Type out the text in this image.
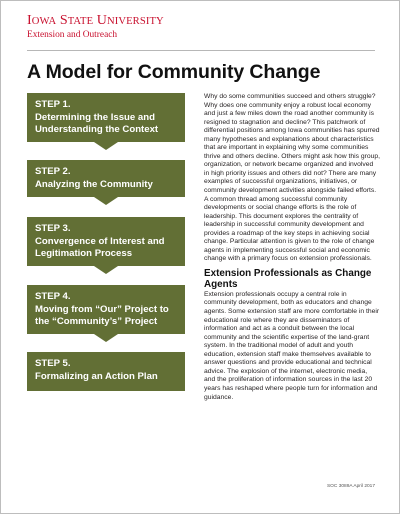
IOWA STATE UNIVERSITY
Extension and Outreach
A Model for Community Change
STEP 1.
Determining the Issue and Understanding the Context
STEP 2.
Analyzing the Community
STEP 3.
Convergence of Interest and Legitimation Process
STEP 4.
Moving from “Our” Project to the “Community’s” Project
STEP 5.
Formalizing an Action Plan

Why do some communities succeed and others struggle? Why does one community enjoy a robust local economy and just a few miles down the road another community is resigned to stagnation and decline? This patchwork of differential positions among Iowa communities has spurred many hypotheses and explanations about characteristics that are important in explaining why some communities thrive and others decline. Others might ask how this group, organization, or network became organized and involved in high priority issues and others did not? There are many examples of successful organizations, initiatives, or community development activities alongside failed efforts. A common thread among successful community developments or social change efforts is the role of leadership. This document explores the centrality of leadership in successful community development and provides a roadmap of the key steps in achieving social change. Particular attention is given to the role of change agents in implementing successful social and economic change with a primary focus on extension professionals.

Extension Professionals as Change Agents

Extension professionals occupy a central role in community development, both as educators and change agents. Some extension staff are more comfortable in their educational role where they are disseminators of information and act as a conduit between the local community and the scientific expertise of the land-grant system. In the traditional model of adult and youth education, extension staff make themselves available to answer questions and provide educational and technical advice. The explosion of the internet, electronic media, and the proliferation of information sources in the last 20 years has reshaped where people turn for information and guidance.

SOC 3089A April 2017
